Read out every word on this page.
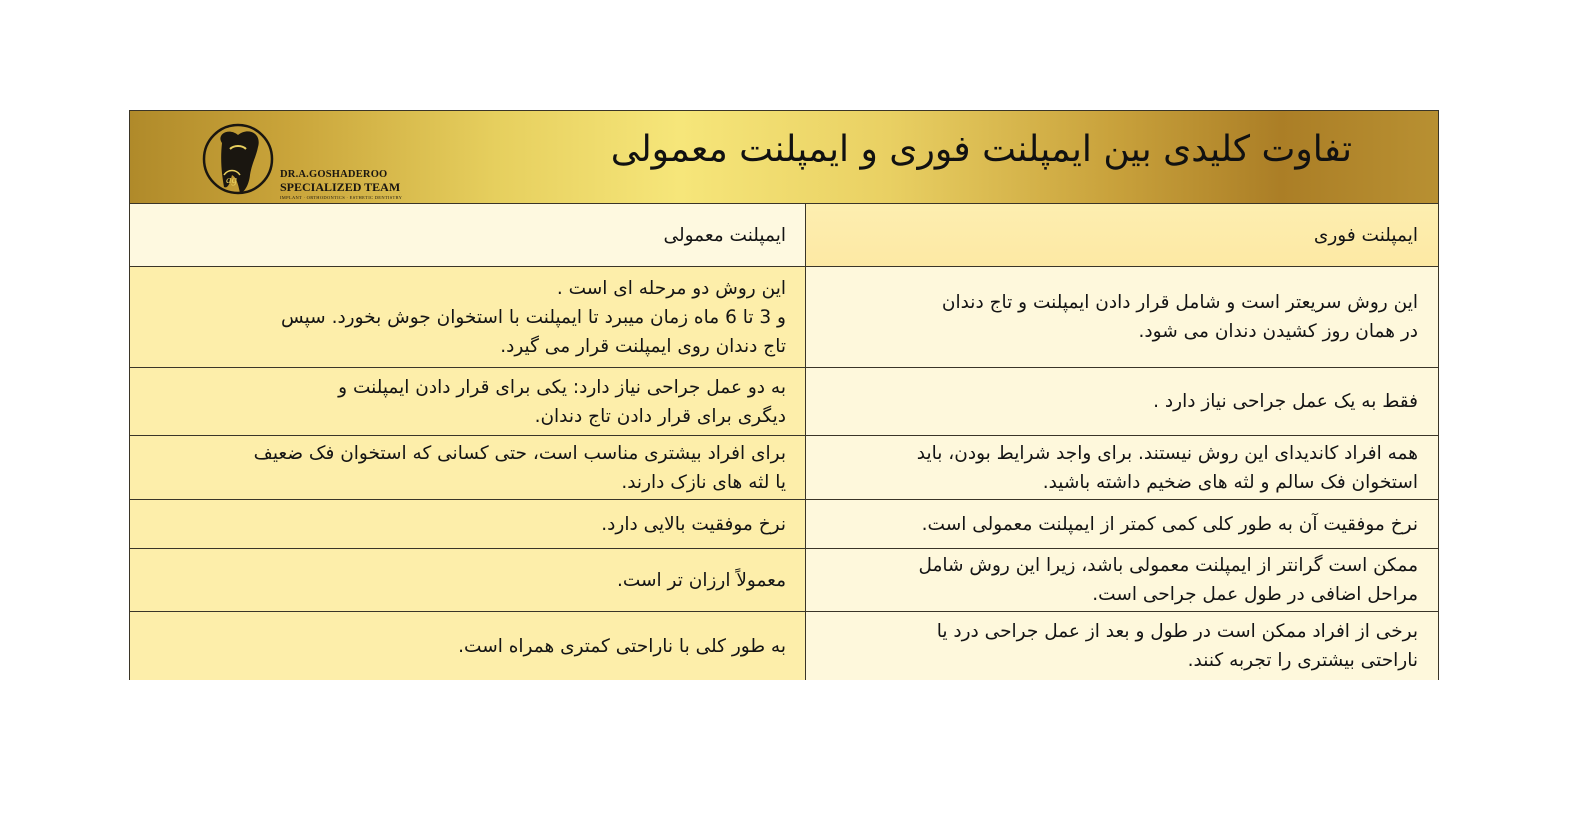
ag	DR.A.GOSHADEROO
SPECIALIZED TEAM
IMPLANT · ORTHODONTICS · ESTHETIC DENTISTRY
تفاوت کلیدی بین ایمپلنت فوری و ایمپلنت معمولی
ایمپلنت فوری
ایمپلنت معمولی
این روش سریعتر است و شامل قرار دادن ایمپلنت و تاج دندان
در همان روز کشیدن دندان می شود.
این روش دو مرحله ای است .
و 3 تا 6 ماه زمان میبرد تا ایمپلنت با استخوان جوش بخورد. سپس
تاج دندان روی ایمپلنت قرار می گیرد.
فقط به یک عمل جراحی نیاز دارد .
به دو عمل جراحی نیاز دارد: یکی برای قرار دادن ایمپلنت و
دیگری برای قرار دادن تاج دندان.
همه افراد کاندیدای این روش نیستند. برای واجد شرایط بودن، باید
استخوان فک سالم و لثه های ضخیم داشته باشید.
برای افراد بیشتری مناسب است، حتی کسانی که استخوان فک ضعیف
یا لثه های نازک دارند.
نرخ موفقیت آن به طور کلی کمی کمتر از ایمپلنت معمولی است.
نرخ موفقیت بالایی دارد.
ممکن است گرانتر از ایمپلنت معمولی باشد، زیرا این روش شامل
مراحل اضافی در طول عمل جراحی است.
معمولاً ارزان تر است.
برخی از افراد ممکن است در طول و بعد از عمل جراحی درد یا
ناراحتی بیشتری را تجربه کنند.
به طور کلی با ناراحتی کمتری همراه است.
